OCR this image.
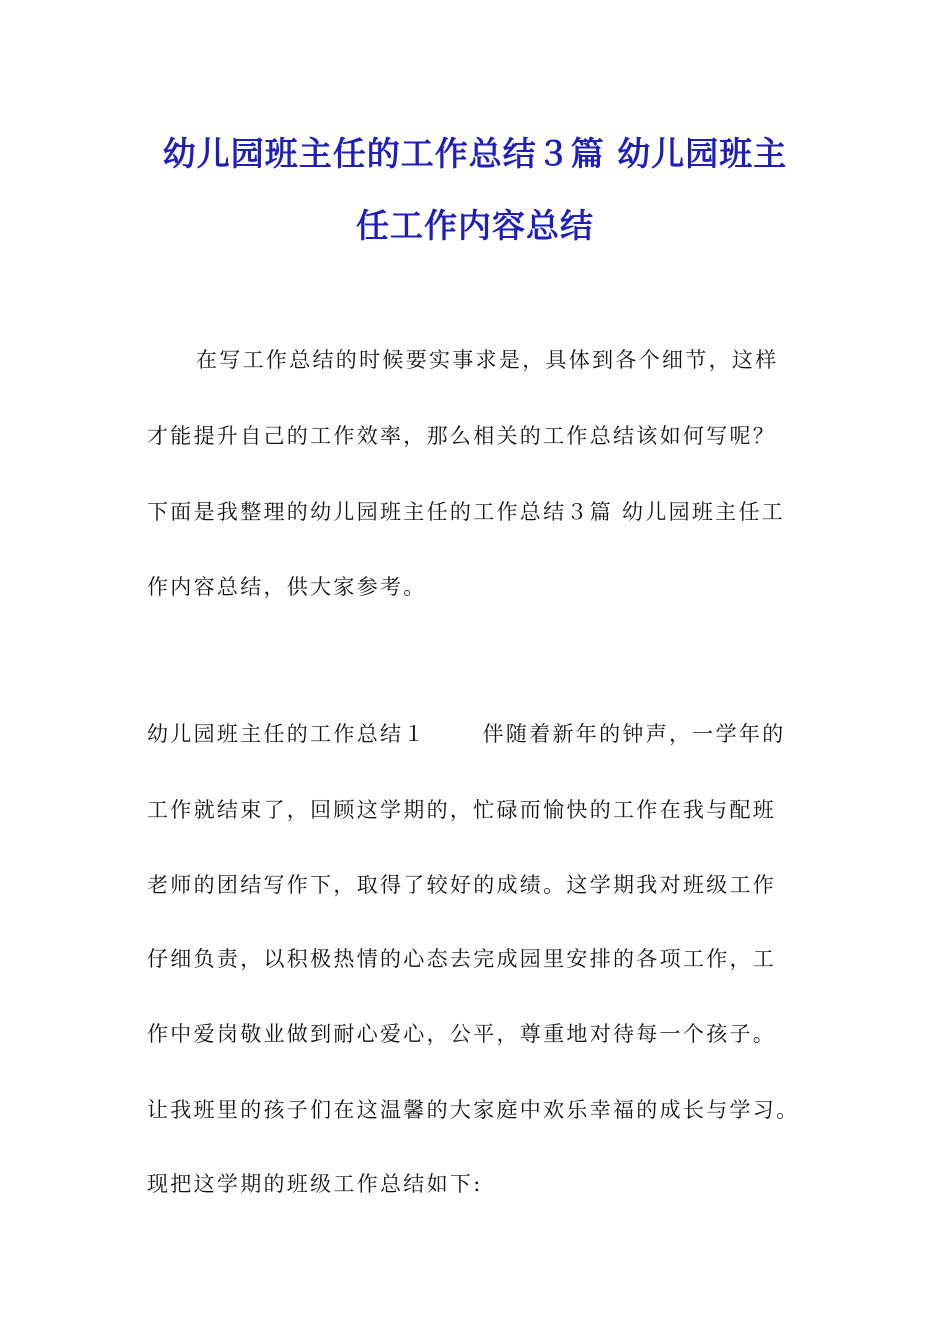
幼儿园班主任的工作总结３篇 幼儿园班主
任工作内容总结
在写工作总结的时候要实事求是，具体到各个细节，这样
才能提升自己的工作效率，那么相关的工作总结该如何写呢？
下面是我整理的幼儿园班主任的工作总结３篇 幼儿园班主任工
作内容总结，供大家参考。
幼儿园班主任的工作总结１	伴随着新年的钟声，一学年的
工作就结束了，回顾这学期的，忙碌而愉快的工作在我与配班
老师的团结写作下，取得了较好的成绩。这学期我对班级工作
仔细负责，以积极热情的心态去完成园里安排的各项工作，工
作中爱岗敬业做到耐心爱心，公平，尊重地对待每一个孩子。
让我班里的孩子们在这温馨的大家庭中欢乐幸福的成长与学习。
现把这学期的班级工作总结如下:
